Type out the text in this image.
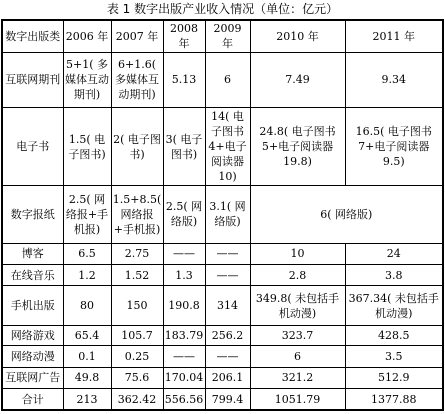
表 1 数字出版产业收入情况（单位：亿元）
数字出版类	2006 年	2007 年	2008 年	2009 年	2010 年	2011 年
互联网期刊	5+1( 多媒体互动期刊)	6+1.6( 多媒体互动期刊)	5.13	6	7.49	9.34
电子书	1.5( 电子图书)	2( 电子图书)	3( 电子图书)	14( 电子图书 4+电子阅读器 10)	24.8( 电子图书 5+电子阅读器 19.8)	16.5( 电子图书 7+电子阅读器 9.5)
数字报纸	2.5( 网络报+手机报)	1.5+8.5( 网络报+手机报)	2.5( 网络版)	3.1( 网络版)	6( 网络版)	
博客	6.5	2.75	——	——	10	24
在线音乐	1.2	1.52	1.3	——	2.8	3.8
手机出版	80	150	190.8	314	349.8( 未包括手机动漫)	367.34( 未包括手机动漫)
网络游戏	65.4	105.7	183.79	256.2	323.7	428.5
网络动漫	0.1	0.25	——	——	6	3.5
互联网广告	49.8	75.6	170.04	206.1	321.2	512.9
合计	213	362.42	556.56	799.4	1051.79	1377.88
